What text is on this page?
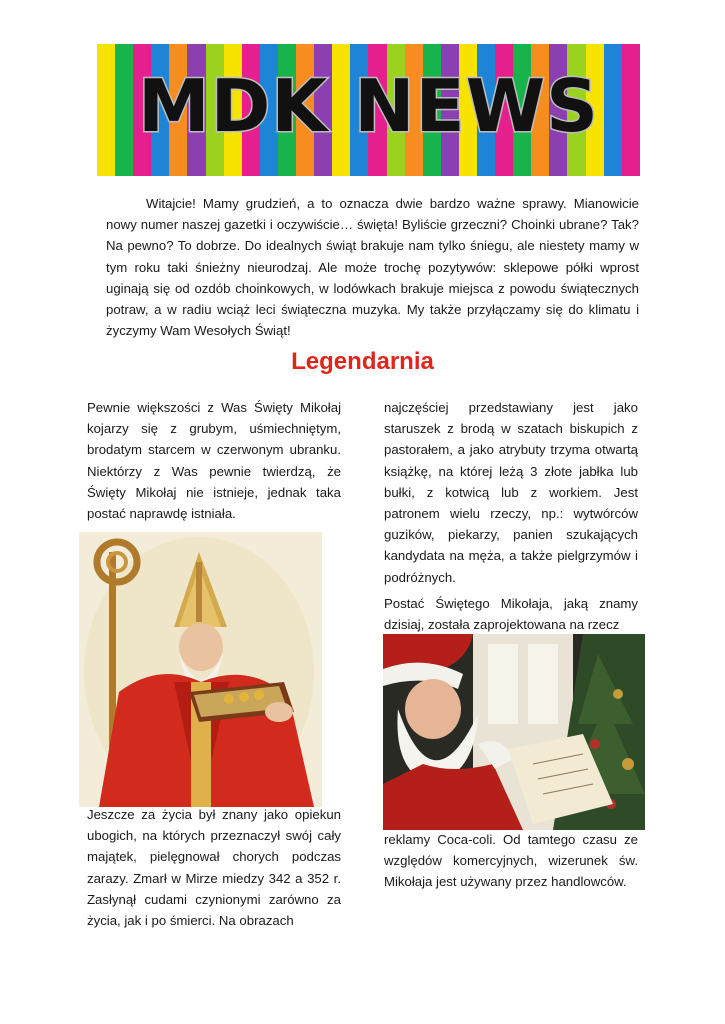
MDK NEWS
Witajcie! Mamy grudzień, a to oznacza dwie bardzo ważne sprawy. Mianowicie nowy numer naszej gazetki i oczywiście… święta! Byliście grzeczni? Choinki ubrane? Tak? Na pewno? To dobrze. Do idealnych świąt brakuje nam tylko śniegu, ale niestety mamy w tym roku taki śnieżny nieurodzaj. Ale może trochę pozytywów: sklepowe półki wprost uginają się od ozdób choinkowych, w lodówkach brakuje miejsca z powodu świątecznych potraw, a w radiu wciąż leci świąteczna muzyka. My także przyłączamy się do klimatu i życzymy Wam Wesołych Świąt!
Legendarnia
Pewnie większości z Was Święty Mikołaj kojarzy się z grubym, uśmiechniętym, brodatym starcem w czerwonym ubranku. Niektórzy z Was pewnie twierdzą, że Święty Mikołaj nie istnieje, jednak taka postać naprawdę istniała.
Jeszcze za życia był znany jako opiekun ubogich, na których przeznaczył swój cały majątek, pielęgnował chorych podczas zarazy. Zmarł w Mirze miedzy 342 a 352 r. Zasłynął cudami czynionymi zarówno za życia, jak i po śmierci. Na obrazach
najczęściej przedstawiany jest jako staruszek z brodą w szatach biskupich z pastorałem, a jako atrybuty trzyma otwartą książkę, na której leżą 3 złote jabłka lub bułki, z kotwicą lub z workiem. Jest patronem wielu rzeczy, np.: wytwórców guzików, piekarzy, panien szukających kandydata na męża, a także pielgrzymów i podróżnych.
Postać Świętego Mikołaja, jaką znamy dzisiaj, została zaprojektowana na rzecz
reklamy Coca-coli. Od tamtego czasu ze względów komercyjnych, wizerunek św. Mikołaja jest używany przez handlowców.
